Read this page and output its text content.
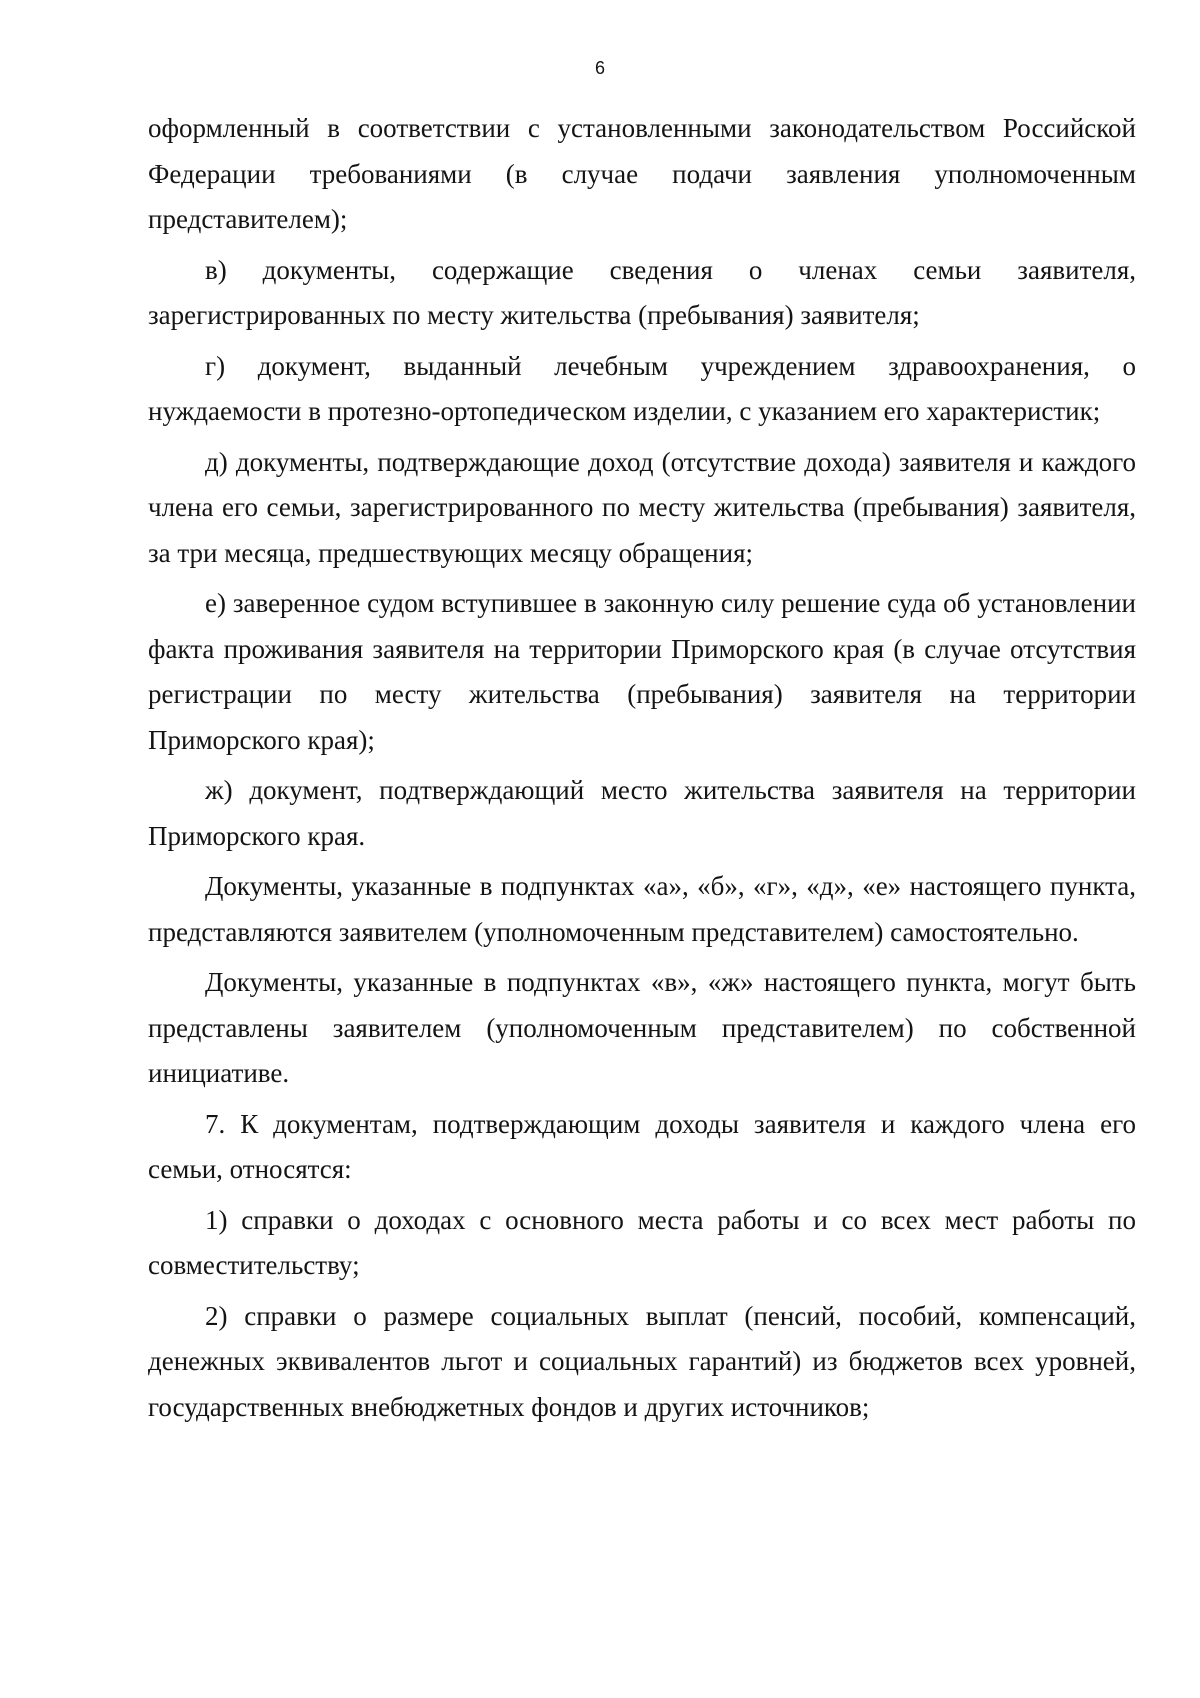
6

оформленный в соответствии с установленными законодательством Российской Федерации требованиями (в случае подачи заявления уполномоченным представителем);

в) документы, содержащие сведения о членах семьи заявителя, зарегистрированных по месту жительства (пребывания) заявителя;

г) документ, выданный лечебным учреждением здравоохранения, о нуждаемости в протезно-ортопедическом изделии, с указанием его характеристик;

д) документы, подтверждающие доход (отсутствие дохода) заявителя и каждого члена его семьи, зарегистрированного по месту жительства (пребывания) заявителя, за три месяца, предшествующих месяцу обращения;

е) заверенное судом вступившее в законную силу решение суда об установлении факта проживания заявителя на территории Приморского края (в случае отсутствия регистрации по месту жительства (пребывания) заявителя на территории Приморского края);

ж) документ, подтверждающий место жительства заявителя на территории Приморского края.

Документы, указанные в подпунктах «а», «б», «г», «д», «е» настоящего пункта, представляются заявителем (уполномоченным представителем) самостоятельно.

Документы, указанные в подпунктах «в», «ж» настоящего пункта, могут быть представлены заявителем (уполномоченным представителем) по собственной инициативе.

7. К документам, подтверждающим доходы заявителя и каждого члена его семьи, относятся:

1) справки о доходах с основного места работы и со всех мест работы по совместительству;

2) справки о размере социальных выплат (пенсий, пособий, компенсаций, денежных эквивалентов льгот и социальных гарантий) из бюджетов всех уровней, государственных внебюджетных фондов и других источников;
